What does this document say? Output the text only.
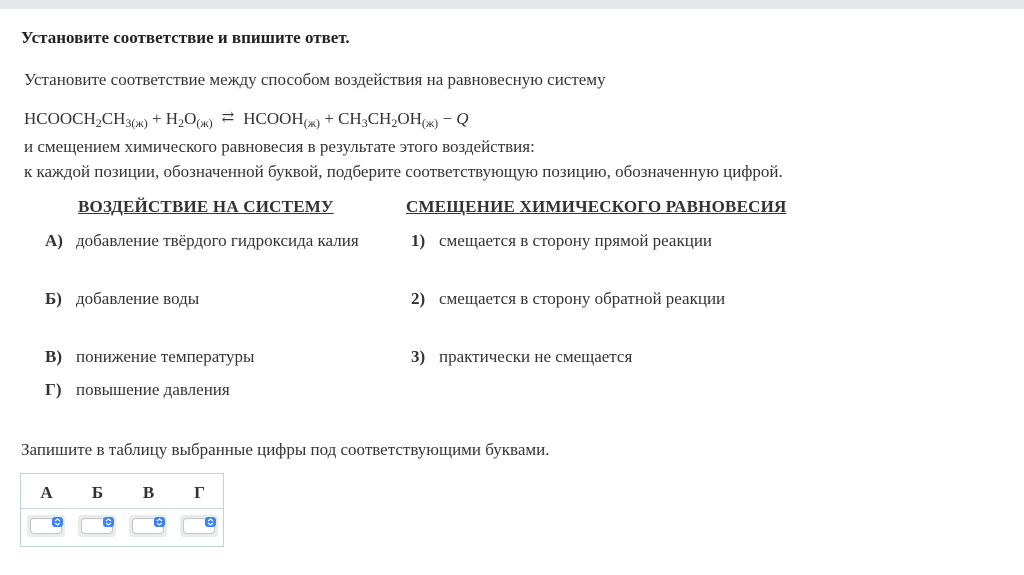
Установите соответствие и впишите ответ.
Установите соответствие между способом воздействия на равновесную систему
$HCOOCH_2CH_{3(ж)} + H_2O_{(ж)}$ ⇄ $HCOOH_{(ж)} + CH_3CH_2OH_{(ж)} - Q$
и смещением химического равновесия в результате этого воздействия:
к каждой позиции, обозначенной буквой, подберите соответствующую позицию, обозначенную цифрой.
ВОЗДЕЙСТВИЕ НА СИСТЕМУ	СМЕЩЕНИЕ ХИМИЧЕСКОГО РАВНОВЕСИЯ
А) добавление твёрдого гидроксида калия
Б) добавление воды
В) понижение температуры
Г) повышение давления
1) смещается в сторону прямой реакции
2) смещается в сторону обратной реакции
3) практически не смещается
Запишите в таблицу выбранные цифры под соответствующими буквами.
А	Б	В	Г
